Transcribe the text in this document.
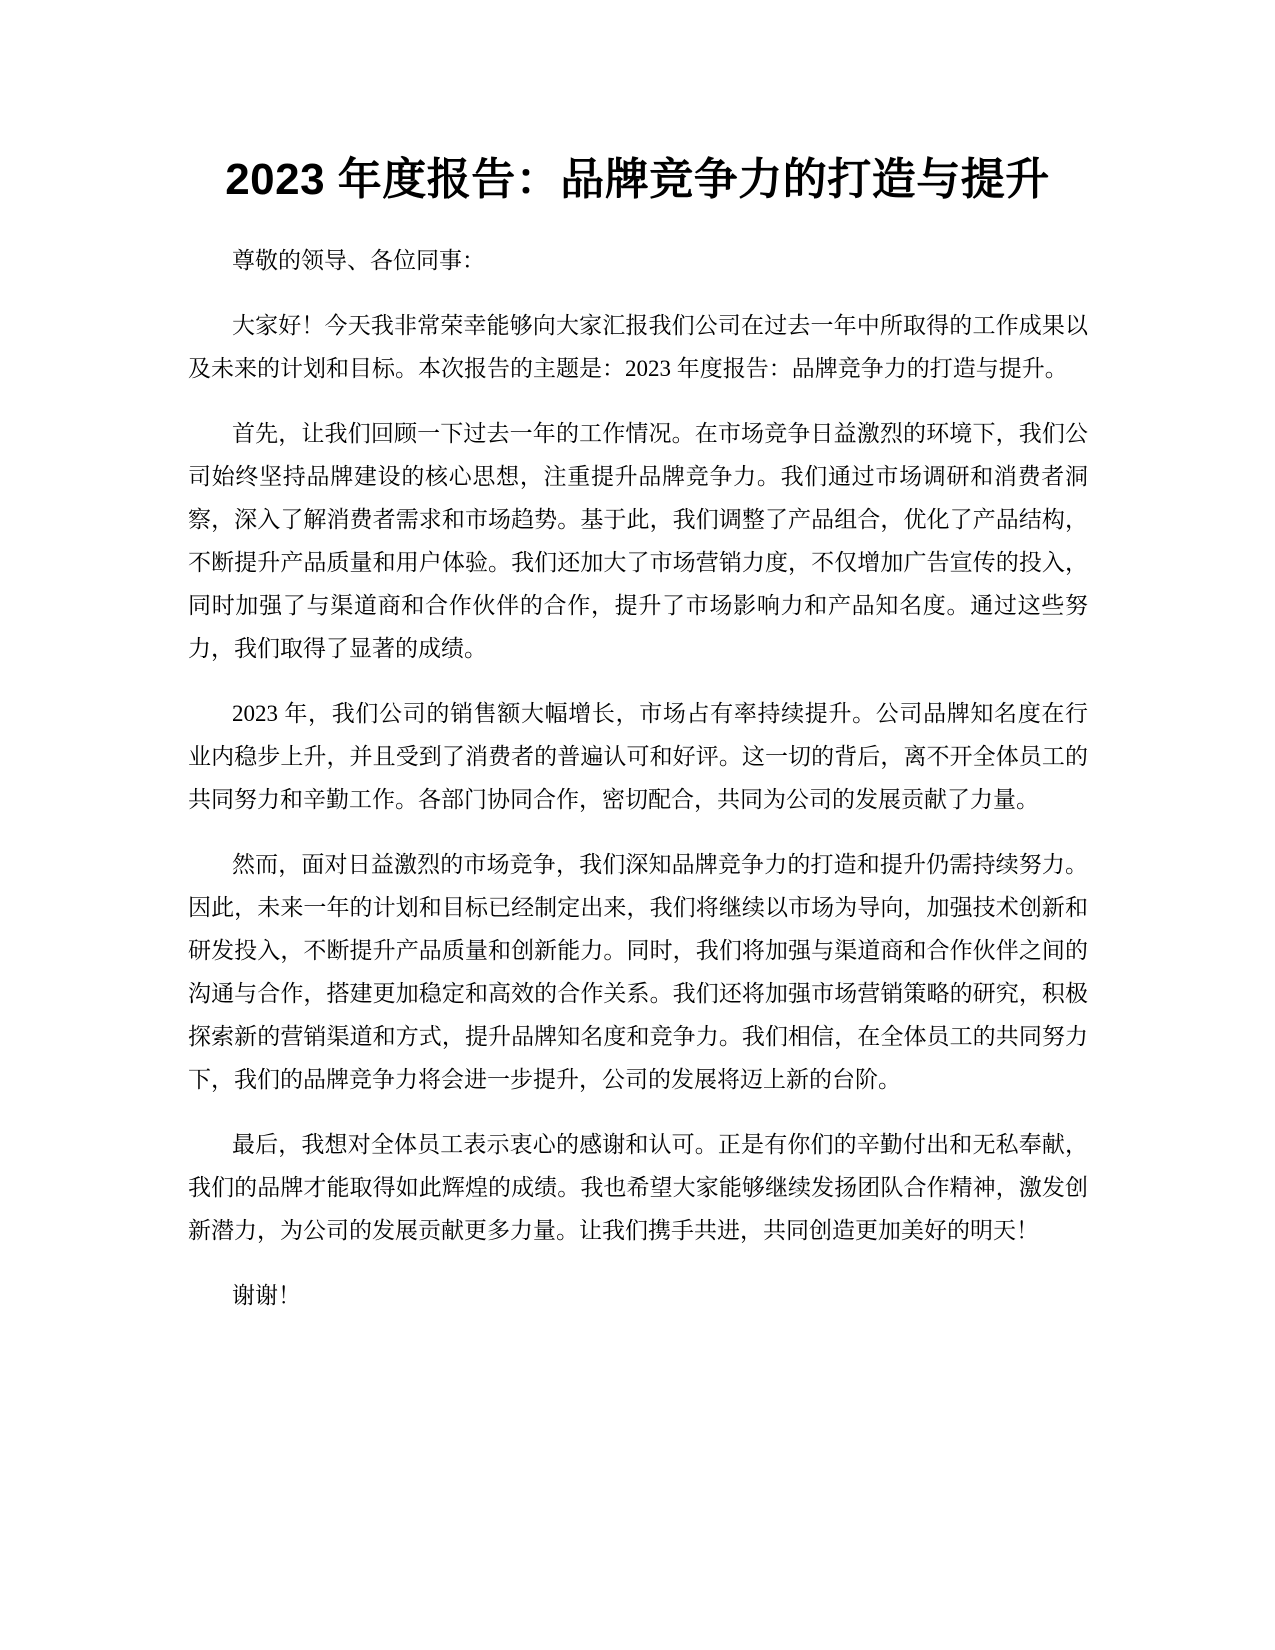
2023 年度报告：品牌竞争力的打造与提升

尊敬的领导、各位同事：

大家好！今天我非常荣幸能够向大家汇报我们公司在过去一年中所取得的工作成果以及未来的计划和目标。本次报告的主题是：2023 年度报告：品牌竞争力的打造与提升。

首先，让我们回顾一下过去一年的工作情况。在市场竞争日益激烈的环境下，我们公司始终坚持品牌建设的核心思想，注重提升品牌竞争力。我们通过市场调研和消费者洞察，深入了解消费者需求和市场趋势。基于此，我们调整了产品组合，优化了产品结构，不断提升产品质量和用户体验。我们还加大了市场营销力度，不仅增加广告宣传的投入，同时加强了与渠道商和合作伙伴的合作，提升了市场影响力和产品知名度。通过这些努力，我们取得了显著的成绩。

2023 年，我们公司的销售额大幅增长，市场占有率持续提升。公司品牌知名度在行业内稳步上升，并且受到了消费者的普遍认可和好评。这一切的背后，离不开全体员工的共同努力和辛勤工作。各部门协同合作，密切配合，共同为公司的发展贡献了力量。

然而，面对日益激烈的市场竞争，我们深知品牌竞争力的打造和提升仍需持续努力。因此，未来一年的计划和目标已经制定出来，我们将继续以市场为导向，加强技术创新和研发投入，不断提升产品质量和创新能力。同时，我们将加强与渠道商和合作伙伴之间的沟通与合作，搭建更加稳定和高效的合作关系。我们还将加强市场营销策略的研究，积极探索新的营销渠道和方式，提升品牌知名度和竞争力。我们相信，在全体员工的共同努力下，我们的品牌竞争力将会进一步提升，公司的发展将迈上新的台阶。

最后，我想对全体员工表示衷心的感谢和认可。正是有你们的辛勤付出和无私奉献，我们的品牌才能取得如此辉煌的成绩。我也希望大家能够继续发扬团队合作精神，激发创新潜力，为公司的发展贡献更多力量。让我们携手共进，共同创造更加美好的明天！

谢谢！
